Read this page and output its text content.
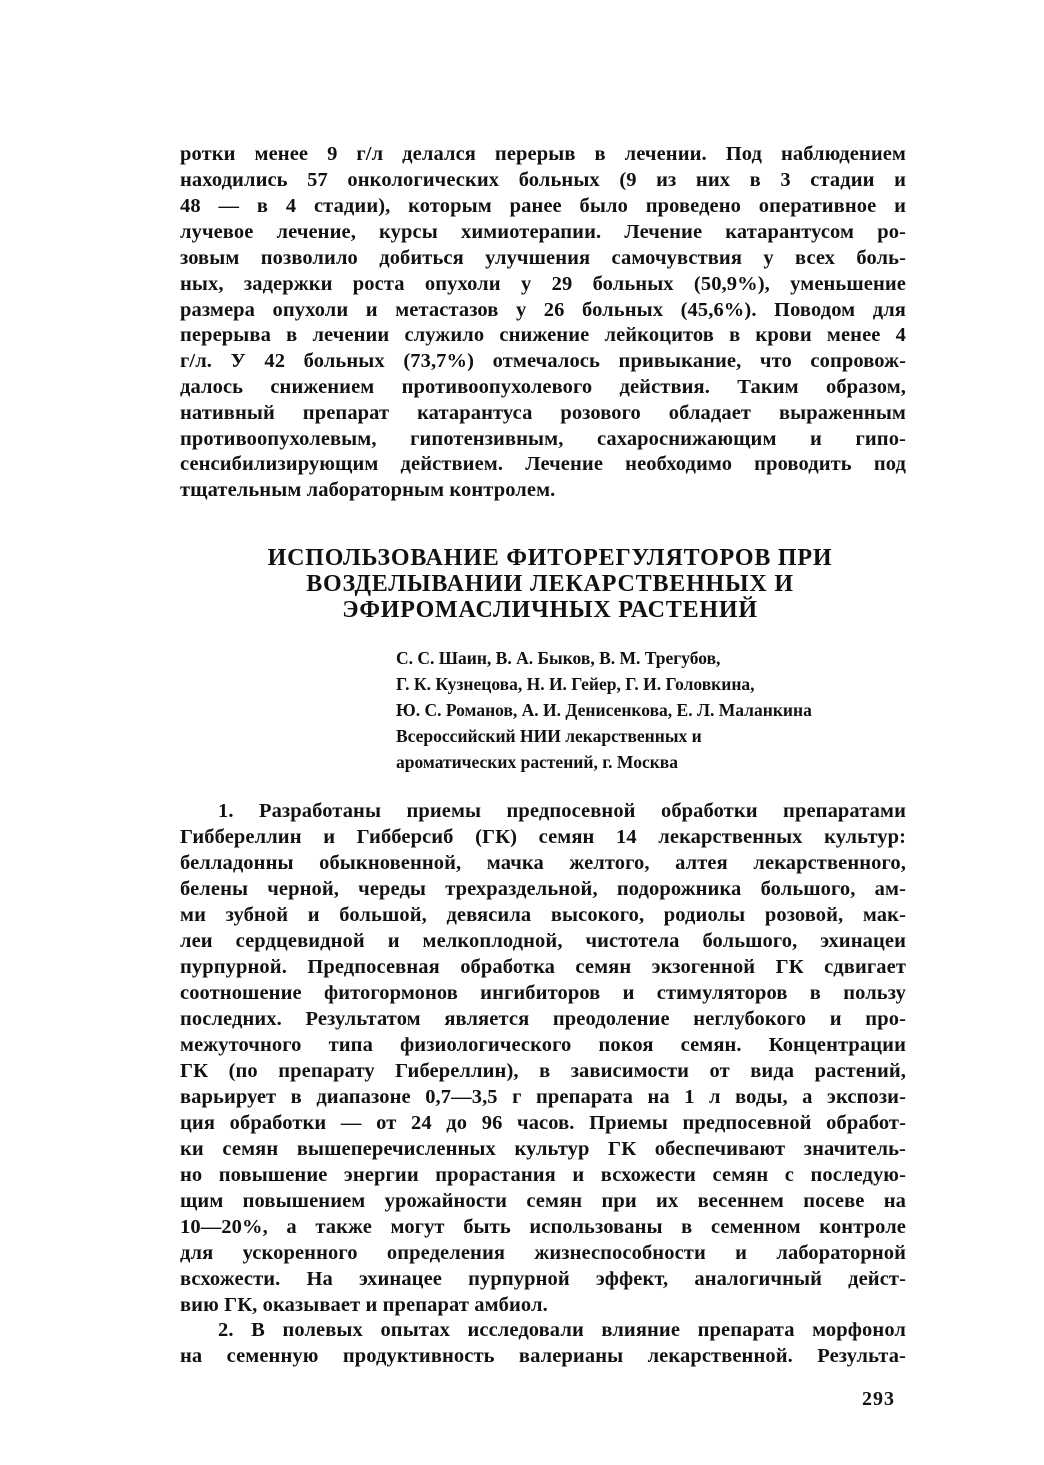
ротки менее 9 г/л делался перерыв в лечении. Под наблюдением
находились 57 онкологических больных (9 из них в 3 стадии и
48 — в 4 стадии), которым ранее было проведено оперативное и
лучевое лечение, курсы химиотерапии. Лечение катарантусом ро-
зовым позволило добиться улучшения самочувствия у всех боль-
ных, задержки роста опухоли у 29 больных (50,9%), уменьшение
размера опухоли и метастазов у 26 больных (45,6%). Поводом для
перерыва в лечении служило снижение лейкоцитов в крови менее 4
г/л. У 42 больных (73,7%) отмечалось привыкание, что сопровож-
далось снижением противоопухолевого действия. Таким образом,
нативный препарат катарантуса розового обладает выраженным
противоопухолевым, гипотензивным, сахароснижающим и гипо-
сенсибилизирующим действием. Лечение необходимо проводить под
тщательным лабораторным контролем.
ИСПОЛЬЗОВАНИЕ ФИТОРЕГУЛЯТОРОВ ПРИ
ВОЗДЕЛЫВАНИИ ЛЕКАРСТВЕННЫХ И
ЭФИРОМАСЛИЧНЫХ РАСТЕНИЙ
С. С. Шаин, В. А. Быков, В. М. Трегубов,
Г. К. Кузнецова, Н. И. Гейер, Г. И. Головкина,
Ю. С. Романов, А. И. Денисенкова, Е. Л. Маланкина
Всероссийский НИИ лекарственных и
ароматических растений, г. Москва
1. Разработаны приемы предпосевной обработки препаратами
Гиббереллин и Гибберсиб (ГК) семян 14 лекарственных культур:
белладонны обыкновенной, мачка желтого, алтея лекарственного,
белены черной, череды трехраздельной, подорожника большого, ам-
ми зубной и большой, девясила высокого, родиолы розовой, мак-
леи сердцевидной и мелкоплодной, чистотела большого, эхинацеи
пурпурной. Предпосевная обработка семян экзогенной ГК сдвигает
соотношение фитогормонов ингибиторов и стимуляторов в пользу
последних. Результатом является преодоление неглубокого и про-
межуточного типа физиологического покоя семян. Концентрации
ГК (по препарату Гибереллин), в зависимости от вида растений,
варьирует в диапазоне 0,7—3,5 г препарата на 1 л воды, а экспози-
ция обработки — от 24 до 96 часов. Приемы предпосевной обработ-
ки семян вышеперечисленных культур ГК обеспечивают значитель-
но повышение энергии прорастания и всхожести семян с последую-
щим повышением урожайности семян при их весеннем посеве на
10—20%, а также могут быть использованы в семенном контроле
для ускоренного определения жизнеспособности и лабораторной
всхожести. На эхинацее пурпурной эффект, аналогичный дейст-
вию ГК, оказывает и препарат амбиол.
2. В полевых опытах исследовали влияние препарата морфонол
на семенную продуктивность валерианы лекарственной. Результа-
293
